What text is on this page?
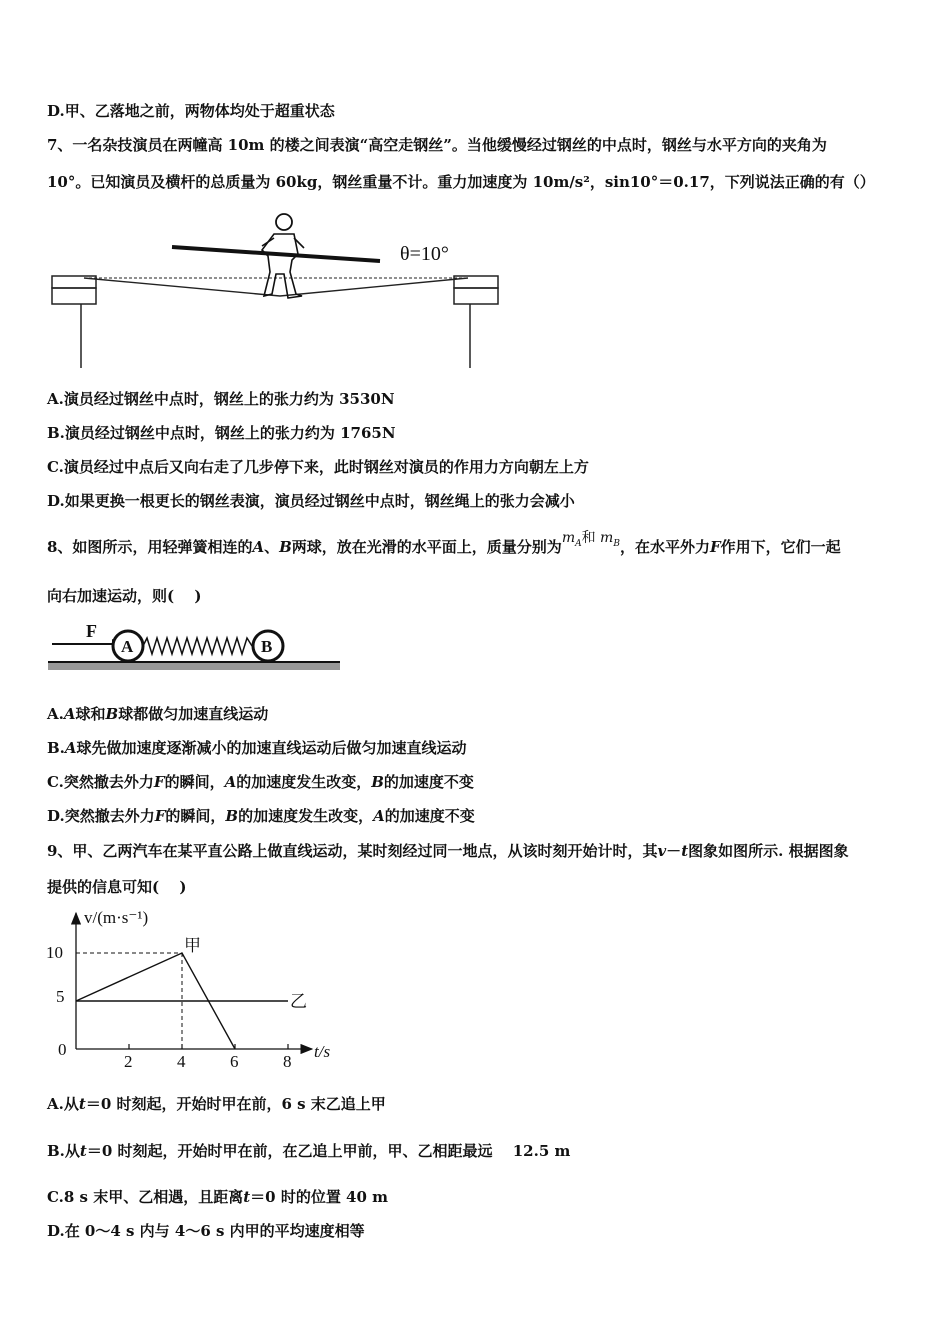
D.甲、乙落地之前，两物体均处于超重状态
7、一名杂技演员在两幢高 10m 的楼之间表演“高空走钢丝”。当他缓慢经过钢丝的中点时，钢丝与水平方向的夹角为
10°。已知演员及横杆的总质量为 60kg，钢丝重量不计。重力加速度为 10m/s²，sin10°＝0.17，下列说法正确的有（）
θ=10°
A.演员经过钢丝中点时，钢丝上的张力约为 3530N
B.演员经过钢丝中点时，钢丝上的张力约为 1765N
C.演员经过中点后又向右走了几步停下来，此时钢丝对演员的作用力方向朝左上方
D.如果更换一根更长的钢丝表演，演员经过钢丝中点时，钢丝绳上的张力会减小
8、如图所示，用轻弹簧相连的A、B两球，放在光滑的水平面上，质量分别为$m_A$和 $m_B$，在水平外力F作用下，它们一起
向右加速运动，则(　 )
F
A	B
A.A球和B球都做匀加速直线运动
B.A球先做加速度逐渐减小的加速直线运动后做匀加速直线运动
C.突然撤去外力F的瞬间，A的加速度发生改变，B的加速度不变
D.突然撤去外力F的瞬间，B的加速度发生改变，A的加速度不变
9、甲、乙两汽车在某平直公路上做直线运动，某时刻经过同一地点，从该时刻开始计时，其v－t图象如图所示. 根据图象
提供的信息可知(　 )
v/(m·s⁻¹)
t/s
10
5
0
2	4	6	8
甲
乙
A.从t＝0 时刻起，开始时甲在前，6 s 末乙追上甲
B.从t＝0 时刻起，开始时甲在前，在乙追上甲前，甲、乙相距最远　 12.5 m
C.8 s 末甲、乙相遇，且距离t＝0 时的位置 40 m
D.在 0～4 s 内与 4～6 s 内甲的平均速度相等
